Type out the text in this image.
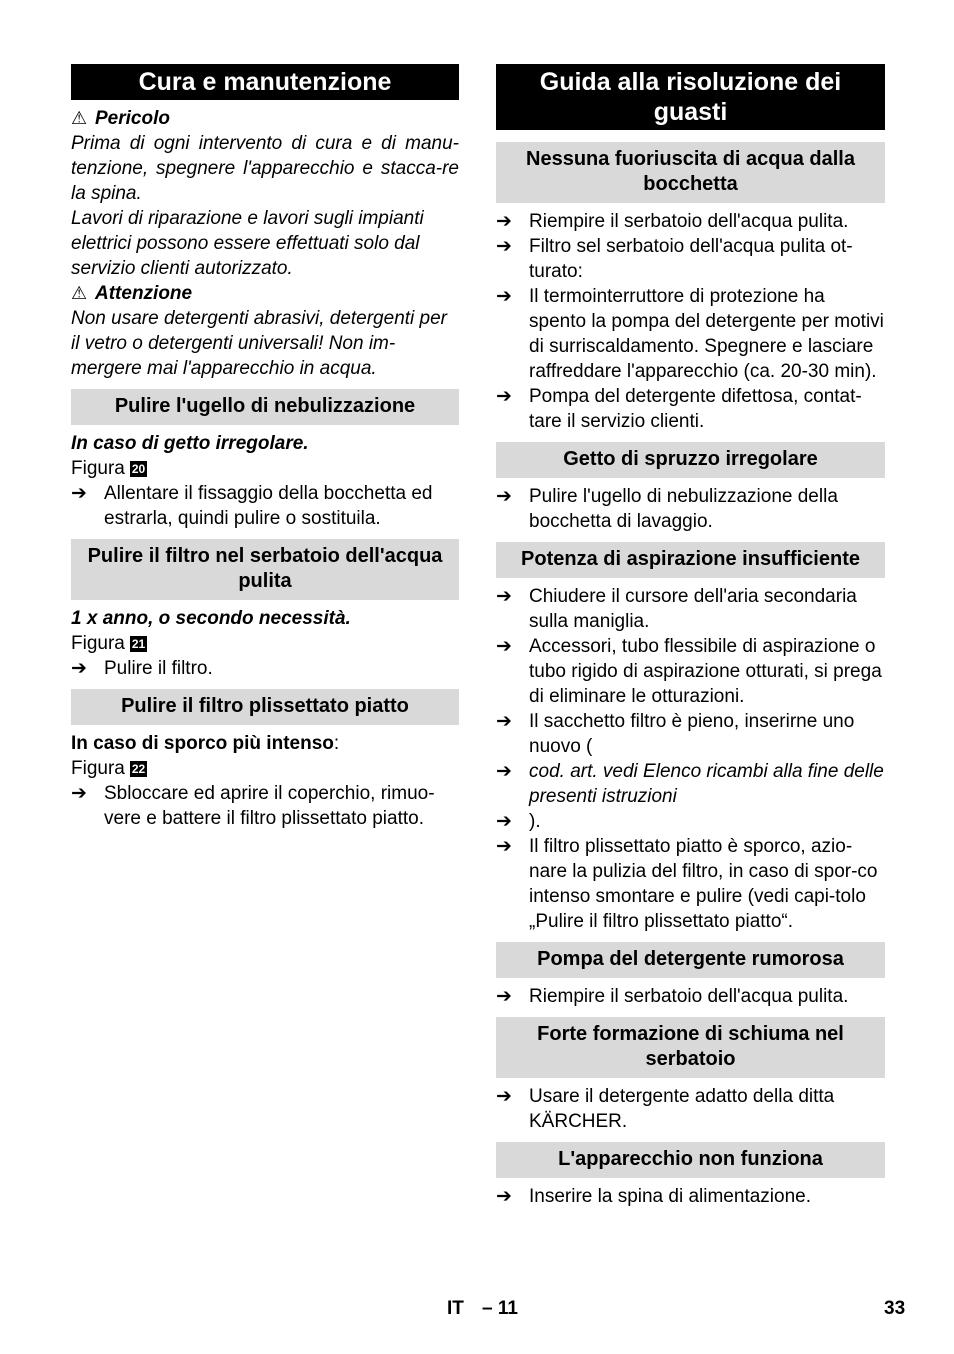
Cura e manutenzione
⚠ Pericolo

Prima di ogni intervento di cura e di manu-tenzione, spegnere l'apparecchio e stacca-re la spina.

Lavori di riparazione e lavori sugli impianti elettrici possono essere effettuati solo dal servizio clienti autorizzato.

⚠ Attenzione

Non usare detergenti abrasivi, detergenti per il vetro o detergenti universali! Non im-mergere mai l'apparecchio in acqua.

Pulire l'ugello di nebulizzazione

In caso di getto irregolare.

Figura 20

➔ Allentare il fissaggio della bocchetta ed estrarla, quindi pulire o sostituila.
Pulire il filtro nel serbatoio dell'acqua pulita

1 x anno, o secondo necessità.

Figura 21

➔ Pulire il filtro.
Pulire il filtro plissettato piatto

In caso di sporco più intenso:

Figura 22

➔ Sbloccare ed aprire il coperchio, rimuo-vere e battere il filtro plissettato piatto.
Guida alla risoluzione dei guasti
Nessuna fuoriuscita di acqua dalla bocchetta
➔ Riempire il serbatoio dell'acqua pulita.
➔ Filtro sel serbatoio dell'acqua pulita ot-turato:
➔ Il termointerruttore di protezione ha spento la pompa del detergente per motivi di surriscaldamento. Spegnere e lasciare raffreddare l'apparecchio (ca. 20-30 min).
➔ Pompa del detergente difettosa, contat-tare il servizio clienti.
Getto di spruzzo irregolare
➔ Pulire l'ugello di nebulizzazione della bocchetta di lavaggio.
Potenza di aspirazione insufficiente
➔ Chiudere il cursore dell'aria secondaria sulla maniglia.
➔ Accessori, tubo flessibile di aspirazione o tubo rigido di aspirazione otturati, si prega di eliminare le otturazioni.
➔ Il sacchetto filtro è pieno, inserirne uno nuovo (
➔ cod. art. vedi Elenco ricambi alla fine delle presenti istruzioni
➔ ).
➔ Il filtro plissettato piatto è sporco, azio-nare la pulizia del filtro, in caso di spor-co intenso smontare e pulire (vedi capi-tolo „Pulire il filtro plissettato piatto“.
Pompa del detergente rumorosa
➔ Riempire il serbatoio dell'acqua pulita.
Forte formazione di schiuma nel serbatoio
➔ Usare il detergente adatto della ditta KÄRCHER.
L'apparecchio non funziona
➔ Inserire la spina di alimentazione.
IT – 11	33
